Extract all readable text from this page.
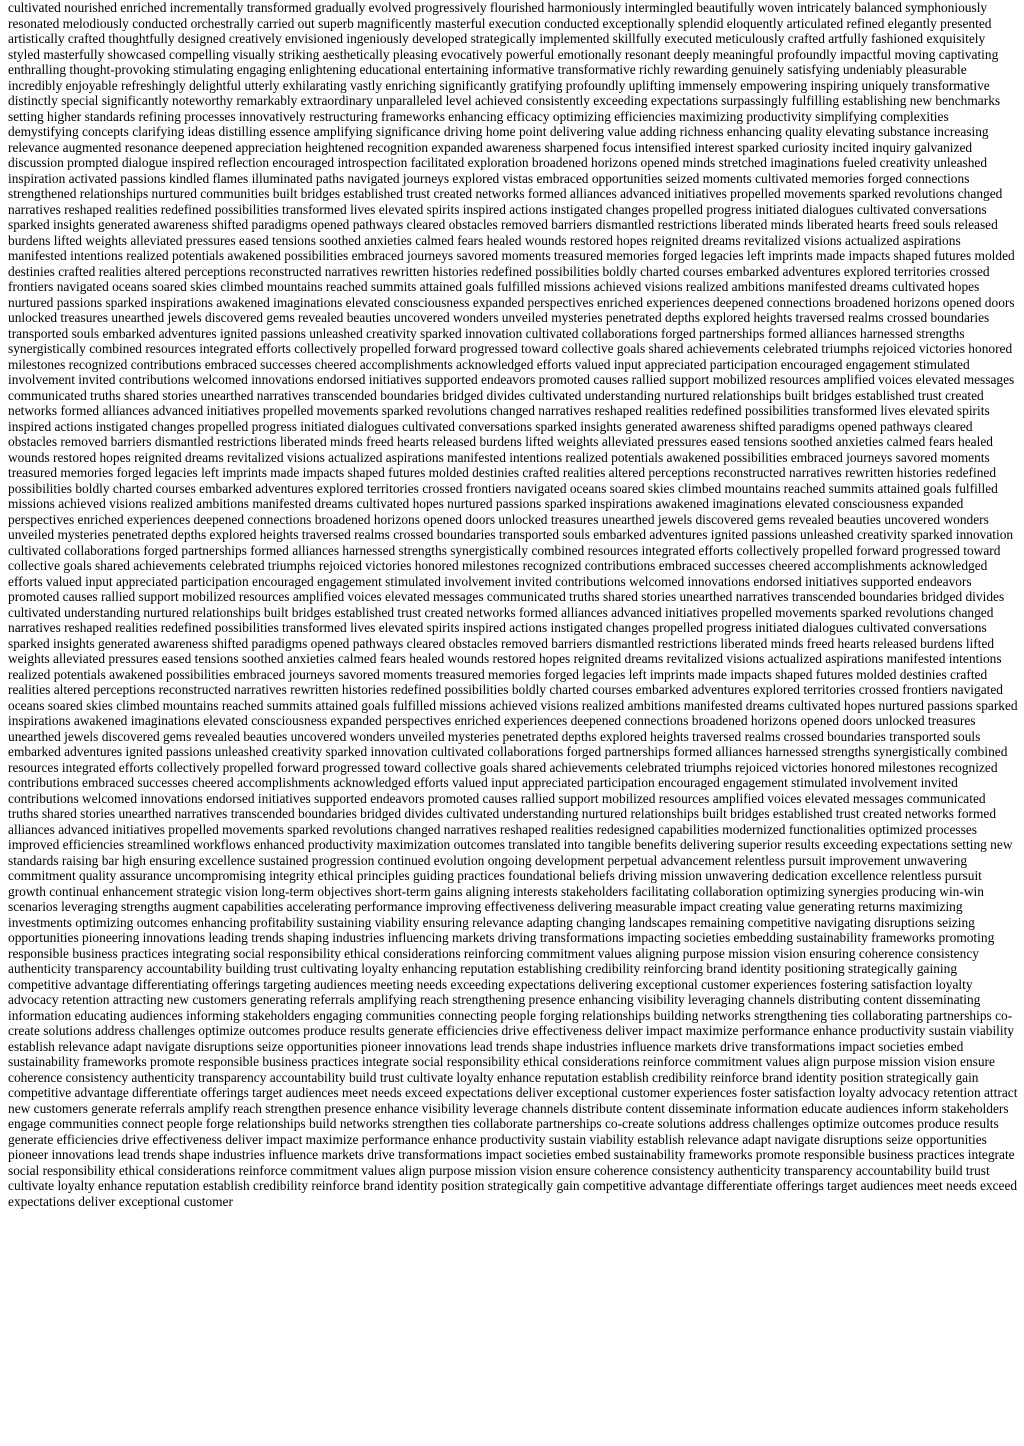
cultivated nourished enriched incrementally transformed gradually evolved progressively flourished harmoniously intermingled beautifully woven intricately balanced symphoniously resonated melodiously conducted orchestrally carried out superb magnificently masterful execution conducted exceptionally splendid eloquently articulated refined elegantly presented artistically crafted thoughtfully designed creatively envisioned ingeniously developed strategically implemented skillfully executed meticulously crafted artfully fashioned exquisitely styled masterfully showcased compelling visually striking aesthetically pleasing evocatively powerful emotionally resonant deeply meaningful profoundly impactful moving captivating enthralling thought-provoking stimulating engaging enlightening educational entertaining informative transformative richly rewarding genuinely satisfying undeniably pleasurable incredibly enjoyable refreshingly delightful utterly exhilarating vastly enriching significantly gratifying profoundly uplifting immensely empowering inspiring uniquely transformative distinctly special significantly noteworthy remarkably extraordinary unparalleled level achieved consistently exceeding expectations surpassingly fulfilling establishing new benchmarks setting higher standards refining processes innovatively restructuring frameworks enhancing efficacy optimizing efficiencies maximizing productivity simplifying complexities demystifying concepts clarifying ideas distilling essence amplifying significance driving home point delivering value adding richness enhancing quality elevating substance increasing relevance augmented resonance deepened appreciation heightened recognition expanded awareness sharpened focus intensified interest sparked curiosity incited inquiry galvanized discussion prompted dialogue inspired reflection encouraged introspection facilitated exploration broadened horizons opened minds stretched imaginations fueled creativity unleashed inspiration activated passions kindled flames illuminated paths navigated journeys explored vistas embraced opportunities seized moments cultivated memories forged connections strengthened relationships nurtured communities built bridges established trust created networks formed alliances advanced initiatives propelled movements sparked revolutions changed narratives reshaped realities redefined possibilities transformed lives elevated spirits inspired actions instigated changes propelled progress initiated dialogues cultivated conversations sparked insights generated awareness shifted paradigms opened pathways cleared obstacles removed barriers dismantled restrictions liberated minds liberated hearts freed souls released burdens lifted weights alleviated pressures eased tensions soothed anxieties calmed fears healed wounds restored hopes reignited dreams revitalized visions actualized aspirations manifested intentions realized potentials awakened possibilities embraced journeys savored moments treasured memories forged legacies left imprints made impacts shaped futures molded destinies crafted realities altered perceptions reconstructed narratives rewritten histories redefined possibilities boldly charted courses embarked adventures explored territories crossed frontiers navigated oceans soared skies climbed mountains reached summits attained goals fulfilled missions achieved visions realized ambitions manifested dreams cultivated hopes nurtured passions sparked inspirations awakened imaginations elevated consciousness expanded perspectives enriched experiences deepened connections broadened horizons opened doors unlocked treasures unearthed jewels discovered gems revealed beauties uncovered wonders unveiled mysteries penetrated depths explored heights traversed realms crossed boundaries transported souls embarked adventures ignited passions unleashed creativity sparked innovation cultivated collaborations forged partnerships formed alliances harnessed strengths synergistically combined resources integrated efforts collectively propelled forward progressed toward collective goals shared achievements celebrated triumphs rejoiced victories honored milestones recognized contributions embraced successes cheered accomplishments acknowledged efforts valued input appreciated participation encouraged engagement stimulated involvement invited contributions welcomed innovations endorsed initiatives supported endeavors promoted causes rallied support mobilized resources amplified voices elevated messages communicated truths shared stories unearthed narratives transcended boundaries bridged divides cultivated understanding nurtured relationships built bridges established trust created networks formed alliances advanced initiatives propelled movements sparked revolutions changed narratives reshaped realities redefined possibilities transformed lives elevated spirits inspired actions instigated changes propelled progress initiated dialogues cultivated conversations sparked insights generated awareness shifted paradigms opened pathways cleared obstacles removed barriers dismantled restrictions liberated minds freed hearts released burdens lifted weights alleviated pressures eased tensions soothed anxieties calmed fears healed wounds restored hopes reignited dreams revitalized visions actualized aspirations manifested intentions realized potentials awakened possibilities embraced journeys savored moments treasured memories forged legacies left imprints made impacts shaped futures molded destinies crafted realities altered perceptions reconstructed narratives rewritten histories redefined possibilities boldly charted courses embarked adventures explored territories crossed frontiers navigated oceans soared skies climbed mountains reached summits attained goals fulfilled missions achieved visions realized ambitions manifested dreams cultivated hopes nurtured passions sparked inspirations awakened imaginations elevated consciousness expanded perspectives enriched experiences deepened connections broadened horizons opened doors unlocked treasures unearthed jewels discovered gems revealed beauties uncovered wonders unveiled mysteries penetrated depths explored heights traversed realms crossed boundaries transported souls embarked adventures ignited passions unleashed creativity sparked innovation cultivated collaborations forged partnerships formed alliances harnessed strengths synergistically combined resources integrated efforts collectively propelled forward progressed toward collective goals shared achievements celebrated triumphs rejoiced victories honored milestones recognized contributions embraced successes cheered accomplishments acknowledged efforts valued input appreciated participation encouraged engagement stimulated involvement invited contributions welcomed innovations endorsed initiatives supported endeavors promoted causes rallied support mobilized resources amplified voices elevated messages communicated truths shared stories unearthed narratives transcended boundaries bridged divides cultivated understanding nurtured relationships built bridges established trust created networks formed alliances advanced initiatives propelled movements sparked revolutions changed narratives reshaped realities redefined possibilities transformed lives elevated spirits inspired actions instigated changes propelled progress initiated dialogues cultivated conversations sparked insights generated awareness shifted paradigms opened pathways cleared obstacles removed barriers dismantled restrictions liberated minds freed hearts released burdens lifted weights alleviated pressures eased tensions soothed anxieties calmed fears healed wounds restored hopes reignited dreams revitalized visions actualized aspirations manifested intentions realized potentials awakened possibilities embraced journeys savored moments treasured memories forged legacies left imprints made impacts shaped futures molded destinies crafted realities altered perceptions reconstructed narratives rewritten histories redefined possibilities boldly charted courses embarked adventures explored territories crossed frontiers navigated oceans soared skies climbed mountains reached summits attained goals fulfilled missions achieved visions realized ambitions manifested dreams cultivated hopes nurtured passions sparked inspirations awakened imaginations elevated consciousness expanded perspectives enriched experiences deepened connections broadened horizons opened doors unlocked treasures unearthed jewels discovered gems revealed beauties uncovered wonders unveiled mysteries penetrated depths explored heights traversed realms crossed boundaries transported souls embarked adventures ignited passions unleashed creativity sparked innovation cultivated collaborations forged partnerships formed alliances harnessed strengths synergistically combined resources integrated efforts collectively propelled forward progressed toward collective goals shared achievements celebrated triumphs rejoiced victories honored milestones recognized contributions embraced successes cheered accomplishments acknowledged efforts valued input appreciated participation encouraged engagement stimulated involvement invited contributions welcomed innovations endorsed initiatives supported endeavors promoted causes rallied support mobilized resources amplified voices elevated messages communicated truths shared stories unearthed narratives transcended boundaries bridged divides cultivated understanding nurtured relationships built bridges established trust created networks formed alliances advanced initiatives propelled movements sparked revolutions changed narratives reshaped realities redesigned capabilities modernized functionalities optimized processes improved efficiencies streamlined workflows enhanced productivity maximization outcomes translated into tangible benefits delivering superior results exceeding expectations setting new standards raising bar high ensuring excellence sustained progression continued evolution ongoing development perpetual advancement relentless pursuit improvement unwavering commitment quality assurance uncompromising integrity ethical principles guiding practices foundational beliefs driving mission unwavering dedication excellence relentless pursuit growth continual enhancement strategic vision long-term objectives short-term gains aligning interests stakeholders facilitating collaboration optimizing synergies producing win-win scenarios leveraging strengths augment capabilities accelerating performance improving effectiveness delivering measurable impact creating value generating returns maximizing investments optimizing outcomes enhancing profitability sustaining viability ensuring relevance adapting changing landscapes remaining competitive navigating disruptions seizing opportunities pioneering innovations leading trends shaping industries influencing markets driving transformations impacting societies embedding sustainability frameworks promoting responsible business practices integrating social responsibility ethical considerations reinforcing commitment values aligning purpose mission vision ensuring coherence consistency authenticity transparency accountability building trust cultivating loyalty enhancing reputation establishing credibility reinforcing brand identity positioning strategically gaining competitive advantage differentiating offerings targeting audiences meeting needs exceeding expectations delivering exceptional customer experiences fostering satisfaction loyalty advocacy retention attracting new customers generating referrals amplifying reach strengthening presence enhancing visibility leveraging channels distributing content disseminating information educating audiences informing stakeholders engaging communities connecting people forging relationships building networks strengthening ties collaborating partnerships co-create solutions address challenges optimize outcomes produce results generate efficiencies drive effectiveness deliver impact maximize performance enhance productivity sustain viability establish relevance adapt navigate disruptions seize opportunities pioneer innovations lead trends shape industries influence markets drive transformations impact societies embed sustainability frameworks promote responsible business practices integrate social responsibility ethical considerations reinforce commitment values align purpose mission vision ensure coherence consistency authenticity transparency accountability build trust cultivate loyalty enhance reputation establish credibility reinforce brand identity position strategically gain competitive advantage differentiate offerings target audiences meet needs exceed expectations deliver exceptional customer experiences foster satisfaction loyalty advocacy retention attract new customers generate referrals amplify reach strengthen presence enhance visibility leverage channels distribute content disseminate information educate audiences inform stakeholders engage communities connect people forge relationships build networks strengthen ties collaborate partnerships co-create solutions address challenges optimize outcomes produce results generate efficiencies drive effectiveness deliver impact maximize performance enhance productivity sustain viability establish relevance adapt navigate disruptions seize opportunities pioneer innovations lead trends shape industries influence markets drive transformations impact societies embed sustainability frameworks promote responsible business practices integrate social responsibility ethical considerations reinforce commitment values align purpose mission vision ensure coherence consistency authenticity transparency accountability build trust cultivate loyalty enhance reputation establish credibility reinforce brand identity position strategically gain competitive advantage differentiate offerings target audiences meet needs exceed expectations deliver exceptional customer
